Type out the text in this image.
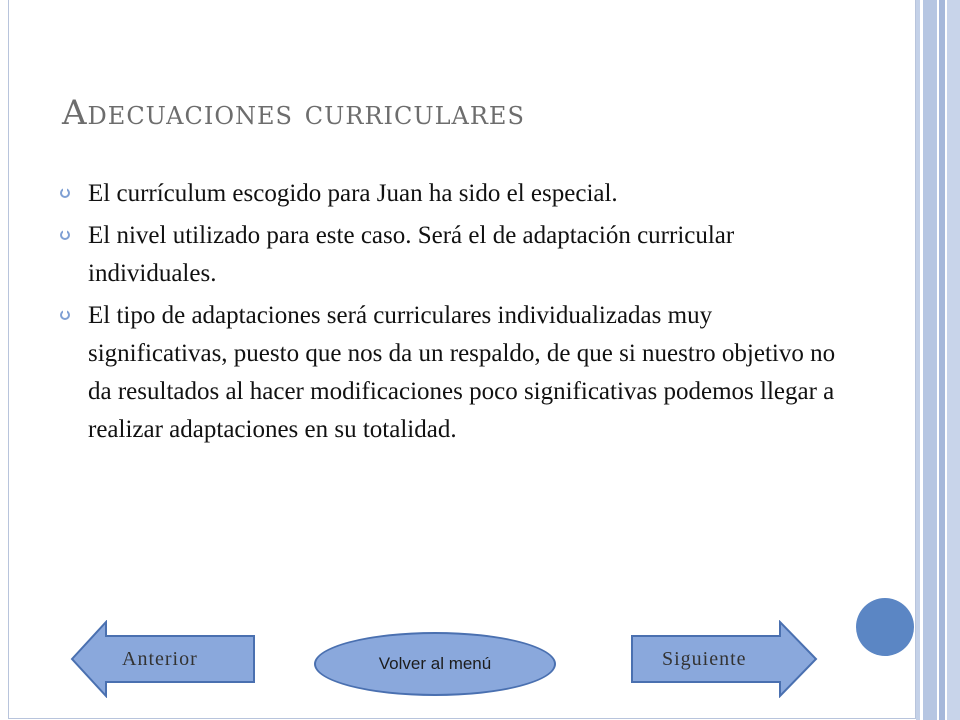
Adecuaciones curriculares
El currículum escogido para Juan ha sido el especial.
El nivel utilizado para este caso. Será el de adaptación curricular individuales.
El tipo de adaptaciones será curriculares individualizadas muy significativas, puesto que nos da un respaldo, de que si nuestro objetivo no da resultados al hacer modificaciones poco significativas podemos llegar a realizar adaptaciones en su totalidad.
Anterior	Volver al menú	Siguiente
